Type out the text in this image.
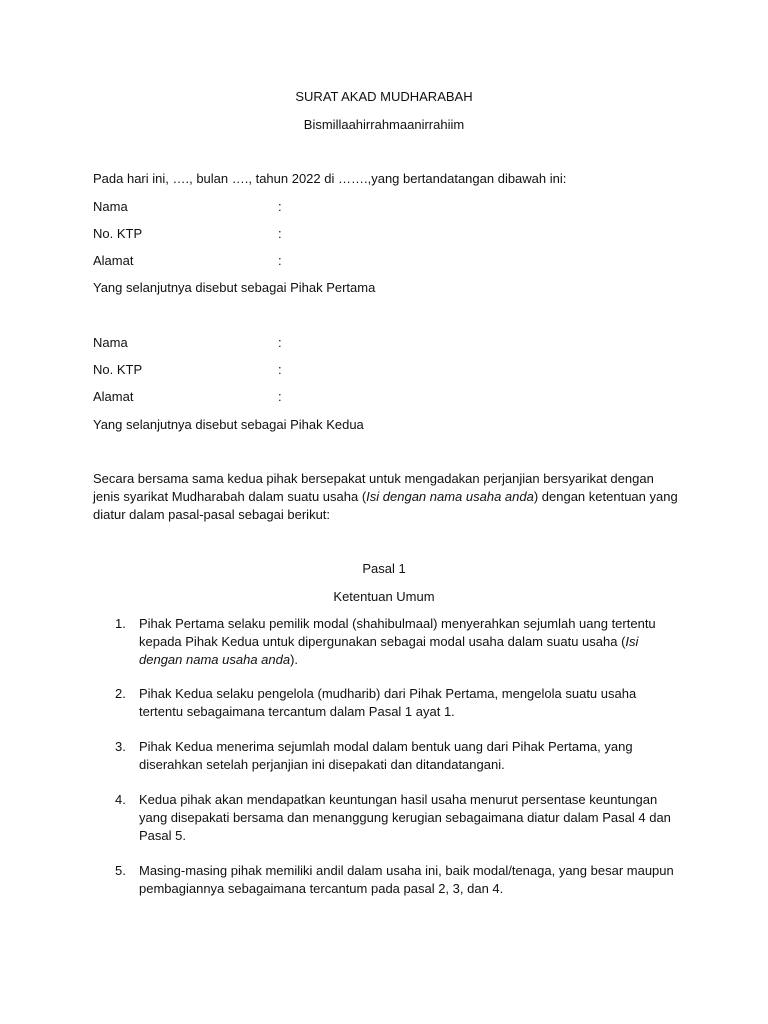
SURAT AKAD MUDHARABAH
Bismillaahirrahmaanirrahiim
Pada hari ini, …., bulan …., tahun 2022 di …….,yang bertandatangan dibawah ini:
Nama	:
No. KTP	:
Alamat	:
Yang selanjutnya disebut sebagai Pihak Pertama
Nama	:
No. KTP	:
Alamat	:
Yang selanjutnya disebut sebagai Pihak Kedua

Secara bersama sama kedua pihak bersepakat untuk mengadakan perjanjian bersyarikat dengan

jenis syarikat Mudharabah dalam suatu usaha (Isi dengan nama usaha anda) dengan ketentuan yang

diatur dalam pasal-pasal sebagai berikut:

Pasal 1
Ketentuan Umum
1.	Pihak Pertama selaku pemilik modal (shahibulmaal) menyerahkan sejumlah uang tertentu

kepada Pihak Kedua untuk dipergunakan sebagai modal usaha dalam suatu usaha (Isi

dengan nama usaha anda).

2.	Pihak Kedua selaku pengelola (mudharib) dari Pihak Pertama, mengelola suatu usaha

tertentu sebagaimana tercantum dalam Pasal 1 ayat 1.

3.	Pihak Kedua menerima sejumlah modal dalam bentuk uang dari Pihak Pertama, yang

diserahkan setelah perjanjian ini disepakati dan ditandatangani.

4.	Kedua pihak akan mendapatkan keuntungan hasil usaha menurut persentase keuntungan

yang disepakati bersama dan menanggung kerugian sebagaimana diatur dalam Pasal 4 dan

Pasal 5.

5.	Masing-masing pihak memiliki andil dalam usaha ini, baik modal/tenaga, yang besar maupun

pembagiannya sebagaimana tercantum pada pasal 2, 3, dan 4.
